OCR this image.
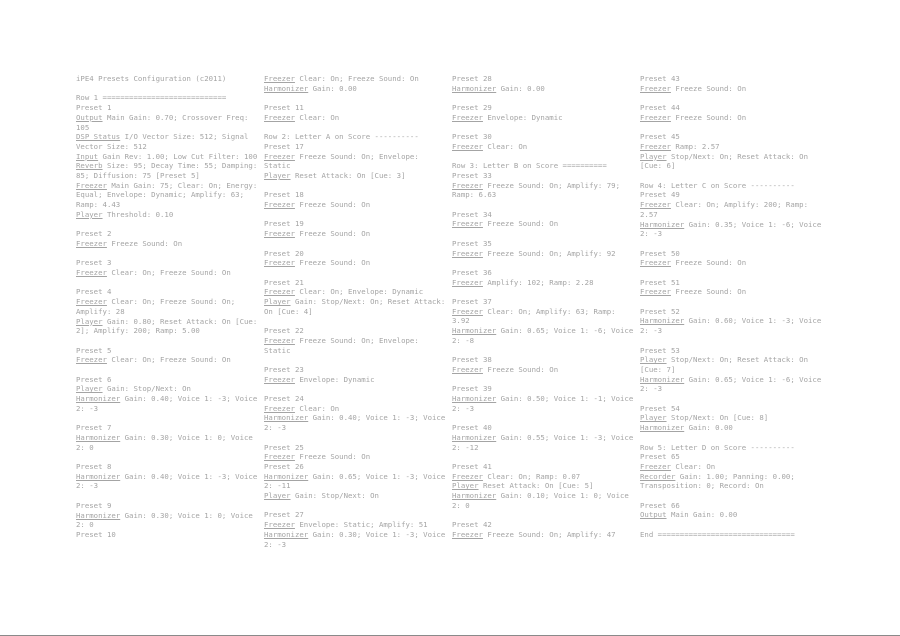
iPE4 Presets Configuration (c2011)
Row 1 ============================
Preset 1
Output Main Gain: 0.70; Crossover Freq: 105
DSP Status I/O Vector Size: 512; Signal Vector Size: 512
Input Gain Rev: 1.00; Low Cut Filter: 100
Reverb Size: 95; Decay Time: 55; Damping: 85; Diffusion: 75 [Preset 5]
Freezer Main Gain: 75; Clear: On; Energy: Equal; Envelope: Dynamic; Amplify: 63; Ramp: 4.43
Player Threshold: 0.10
Preset 2
Freezer Freeze Sound: On
Preset 3
Freezer Clear: On; Freeze Sound: On
Preset 4
Freezer Clear: On; Freeze Sound: On; Amplify: 28
Player Gain: 0.80; Reset Attack: On [Cue: 2]; Amplify: 200; Ramp: 5.00
Preset 5
Freezer Clear: On; Freeze Sound: On
Preset 6
Player Gain: Stop/Next: On
Harmonizer Gain: 0.40; Voice 1: -3; Voice 2: -3
Preset 7
Harmonizer Gain: 0.30; Voice 1: 0; Voice 2: 0
Preset 8
Harmonizer Gain: 0.40; Voice 1: -3; Voice 2: -3
Preset 9
Harmonizer Gain: 0.30; Voice 1: 0; Voice 2: 0
Preset 10
Freezer Clear: On; Freeze Sound: On
Harmonizer Gain: 0.00
Preset 11
Freezer Clear: On
Row 2: Letter A on Score ----------
Preset 17
Freezer Freeze Sound: On; Envelope: Static
Player Reset Attack: On [Cue: 3]
Preset 18
Freezer Freeze Sound: On
Preset 19
Freezer Freeze Sound: On
Preset 20
Freezer Freeze Sound: On
Preset 21
Freezer Clear: On; Envelope: Dynamic
Player Gain: Stop/Next: On; Reset Attack: On [Cue: 4]
Preset 22
Freezer Freeze Sound: On; Envelope: Static
Preset 23
Freezer Envelope: Dynamic
Preset 24
Freezer Clear: On
Harmonizer Gain: 0.40; Voice 1: -3; Voice 2: -3
Preset 25
Freezer Freeze Sound: On
Preset 26
Harmonizer Gain: 0.65; Voice 1: -3; Voice 2: -11
Player Gain: Stop/Next: On
Preset 27
Freezer Envelope: Static; Amplify: 51
Harmonizer Gain: 0.30; Voice 1: -3; Voice 2: -3
Preset 28
Harmonizer Gain: 0.00
Preset 29
Freezer Envelope: Dynamic
Preset 30
Freezer Clear: On
Row 3: Letter B on Score ==========
Preset 33
Freezer Freeze Sound: On; Amplify: 79; Ramp: 6.63
Preset 34
Freezer Freeze Sound: On
Preset 35
Freezer Freeze Sound: On; Amplify: 92
Preset 36
Freezer Amplify: 102; Ramp: 2.28
Preset 37
Freezer Clear: On; Amplify: 63; Ramp: 3.92
Harmonizer Gain: 0.65; Voice 1: -6; Voice 2: -8
Preset 38
Freezer Freeze Sound: On
Preset 39
Harmonizer Gain: 0.50; Voice 1: -1; Voice 2: -3
Preset 40
Harmonizer Gain: 0.55; Voice 1: -3; Voice 2: -12
Preset 41
Freezer Clear: On; Ramp: 0.07
Player Reset Attack: On [Cue: 5]
Harmonizer Gain: 0.10; Voice 1: 0; Voice 2: 0
Preset 42
Freezer Freeze Sound: On; Amplify: 47
Preset 43
Freezer Freeze Sound: On
Preset 44
Freezer Freeze Sound: On
Preset 45
Freezer Ramp: 2.57
Player Stop/Next: On; Reset Attack: On [Cue: 6]
Row 4: Letter C on Score ----------
Preset 49
Freezer Clear: On; Amplify: 200; Ramp: 2.57
Harmonizer Gain: 0.35; Voice 1: -6; Voice 2: -3
Preset 50
Freezer Freeze Sound: On
Preset 51
Freezer Freeze Sound: On
Preset 52
Harmonizer Gain: 0.60; Voice 1: -3; Voice 2: -3
Preset 53
Player Stop/Next: On; Reset Attack: On [Cue: 7]
Harmonizer Gain: 0.65; Voice 1: -6; Voice 2: -3
Preset 54
Player Stop/Next: On [Cue: 8]
Harmonizer Gain: 0.00
Row 5: Letter D on Score ----------
Preset 65
Freezer Clear: On
Recorder Gain: 1.00; Panning: 0.00; Transposition: 0; Record: On
Preset 66
Output Main Gain: 0.00
End ===============================
